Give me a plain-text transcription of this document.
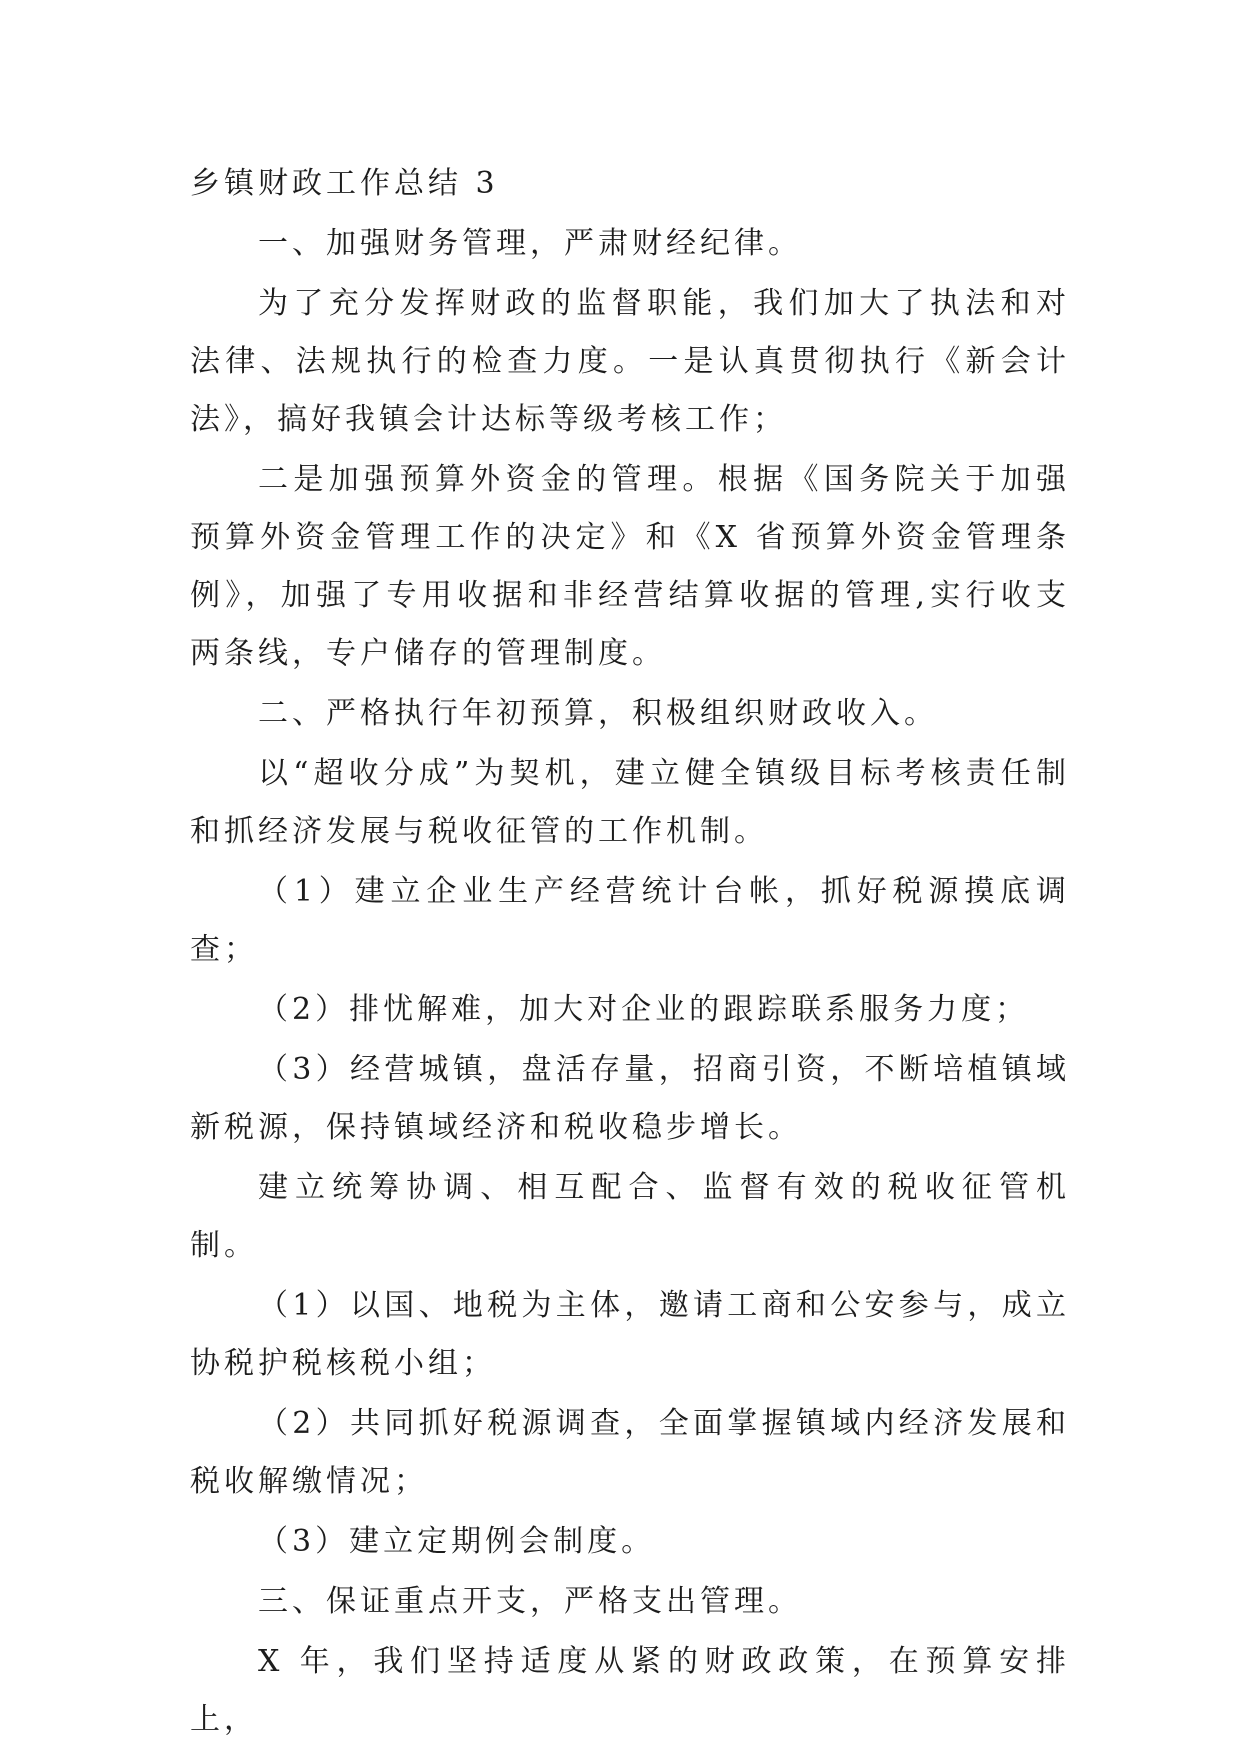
乡镇财政工作总结 3

一、加强财务管理，严肃财经纪律。

为了充分发挥财政的监督职能，我们加大了执法和对法律、法规执行的检查力度。一是认真贯彻执行《新会计法》，搞好我镇会计达标等级考核工作；

二是加强预算外资金的管理。根据《国务院关于加强预算外资金管理工作的决定》和《X 省预算外资金管理条例》，加强了专用收据和非经营结算收据的管理,实行收支两条线，专户储存的管理制度。

二、严格执行年初预算，积极组织财政收入。

以“超收分成”为契机，建立健全镇级目标考核责任制和抓经济发展与税收征管的工作机制。

（1）建立企业生产经营统计台帐，抓好税源摸底调查；

（2）排忧解难，加大对企业的跟踪联系服务力度；

（3）经营城镇，盘活存量，招商引资，不断培植镇域新税源，保持镇域经济和税收稳步增长。

建立统筹协调、相互配合、监督有效的税收征管机制。

（1）以国、地税为主体，邀请工商和公安参与，成立协税护税核税小组；

（2）共同抓好税源调查，全面掌握镇域内经济发展和税收解缴情况；

（3）建立定期例会制度。

三、保证重点开支，严格支出管理。

X 年，我们坚持适度从紧的财政政策，在预算安排上，
